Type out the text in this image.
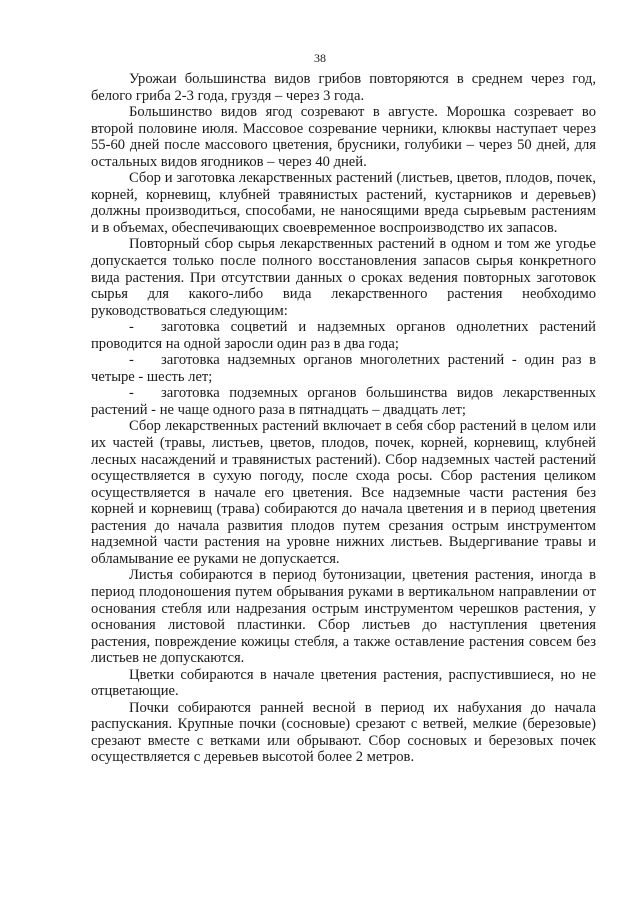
38

Урожаи большинства видов грибов повторяются в среднем через год, белого гриба 2-3 года, груздя – через 3 года.

Большинство видов ягод созревают в августе. Морошка созревает во второй половине июля. Массовое созревание черники, клюквы наступает через 55-60 дней после массового цветения, брусники, голубики – через 50 дней, для остальных видов ягодников – через 40 дней.

Сбор и заготовка лекарственных растений (листьев, цветов, плодов, почек, корней, корневищ, клубней травянистых растений, кустарников и деревьев) должны производиться, способами, не наносящими вреда сырьевым растениям и в объемах, обеспечивающих своевременное воспроизводство их запасов.

Повторный сбор сырья лекарственных растений в одном и том же угодье допускается только после полного восстановления запасов сырья конкретного вида растения. При отсутствии данных о сроках ведения повторных заготовок сырья для какого-либо вида лекарственного растения необходимо руководствоваться следующим:

- заготовка соцветий и надземных органов однолетних растений проводится на одной заросли один раз в два года;

- заготовка надземных органов многолетних растений - один раз в четыре - шесть лет;

- заготовка подземных органов большинства видов лекарственных растений - не чаще одного раза в пятнадцать – двадцать лет;

Сбор лекарственных растений включает в себя сбор растений в целом или их частей (травы, листьев, цветов, плодов, почек, корней, корневищ, клубней лесных насаждений и травянистых растений). Сбор надземных частей растений осуществляется в сухую погоду, после схода росы. Сбор растения целиком осуществляется в начале его цветения. Все надземные части растения без корней и корневищ (трава) собираются до начала цветения и в период цветения растения до начала развития плодов путем срезания острым инструментом надземной части растения на уровне нижних листьев. Выдергивание травы и обламывание ее руками не допускается.

Листья собираются в период бутонизации, цветения растения, иногда в период плодоношения путем обрывания руками в вертикальном направлении от основания стебля или надрезания острым инструментом черешков растения, у основания листовой пластинки. Сбор листьев до наступления цветения растения, повреждение кожицы стебля, а также оставление растения совсем без листьев не допускаются.

Цветки собираются в начале цветения растения, распустившиеся, но не отцветающие.

Почки собираются ранней весной в период их набухания до начала распускания. Крупные почки (сосновые) срезают с ветвей, мелкие (березовые) срезают вместе с ветками или обрывают. Сбор сосновых и березовых почек осуществляется с деревьев высотой более 2 метров.
